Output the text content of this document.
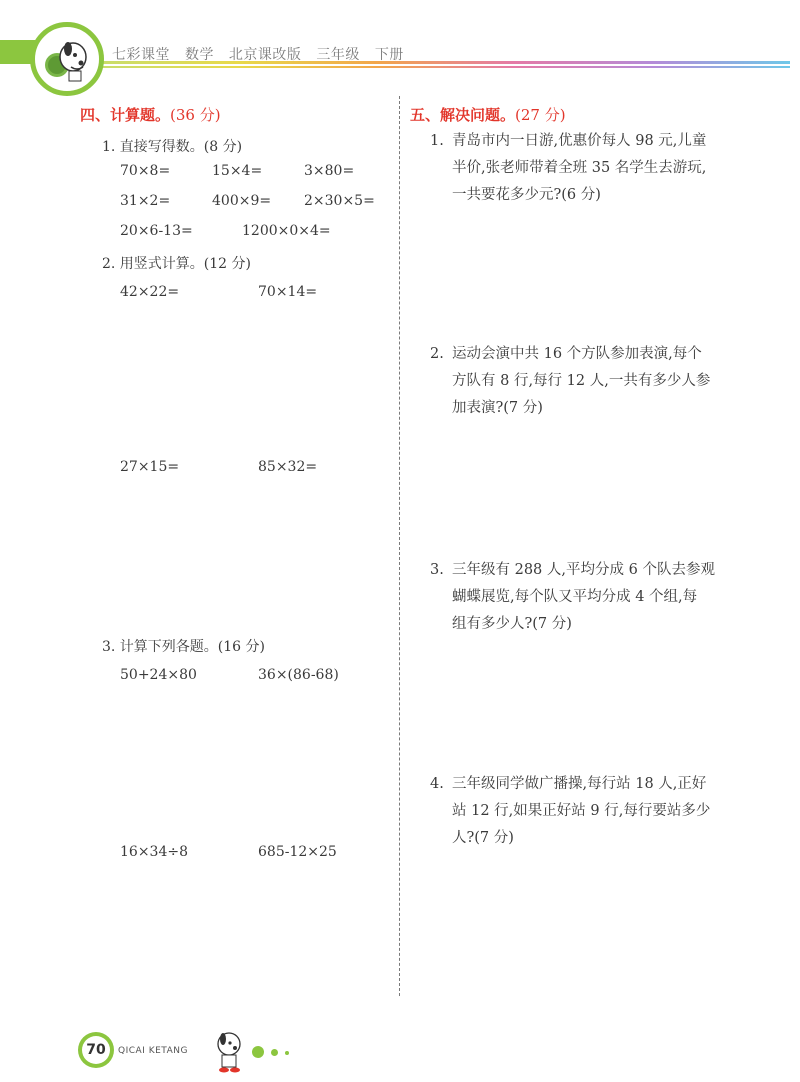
七彩课堂 数学 北京课改版 三年级 下册
四、计算题。(36 分)
1. 直接写得数。(8 分)
70×8=	15×4=	3×80=
31×2=	400×9= 2×30×5=
20×6-13=	1200×0×4=
2. 用竖式计算。(12 分)
42×22=	70×14=
27×15=	85×32=
3. 计算下列各题。(16 分)
50+24×80	36×(86-68)
16×34÷8	685-12×25
五、解决问题。(27 分)
1. 青岛市内一日游,优惠价每人 98 元,儿童
半价,张老师带着全班 35 名学生去游玩,
一共要花多少元?(6 分)
2. 运动会演中共 16 个方队参加表演,每个
方队有 8 行,每行 12 人,一共有多少人参
加表演?(7 分)
3. 三年级有 288 人,平均分成 6 个队去参观
蝴蝶展览,每个队又平均分成 4 个组,每
组有多少人?(7 分)
4. 三年级同学做广播操,每行站 18 人,正好
站 12 行,如果正好站 9 行,每行要站多少
人?(7 分)
70	QICAI KETANG
